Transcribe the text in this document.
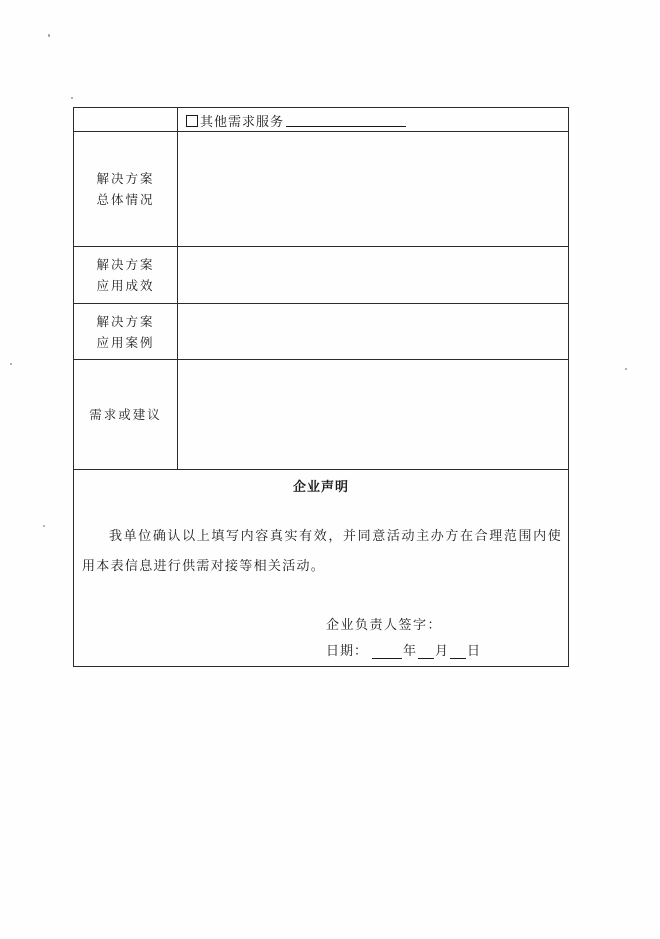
其他需求服务
解决方案
总体情况
解决方案
应用成效
解决方案
应用案例
需求或建议
企业声明
我单位确认以上填写内容真实有效，并同意活动主办方在合理范围内使用本表信息进行供需对接等相关活动。
企业负责人签字：
日期：	年 月 日
